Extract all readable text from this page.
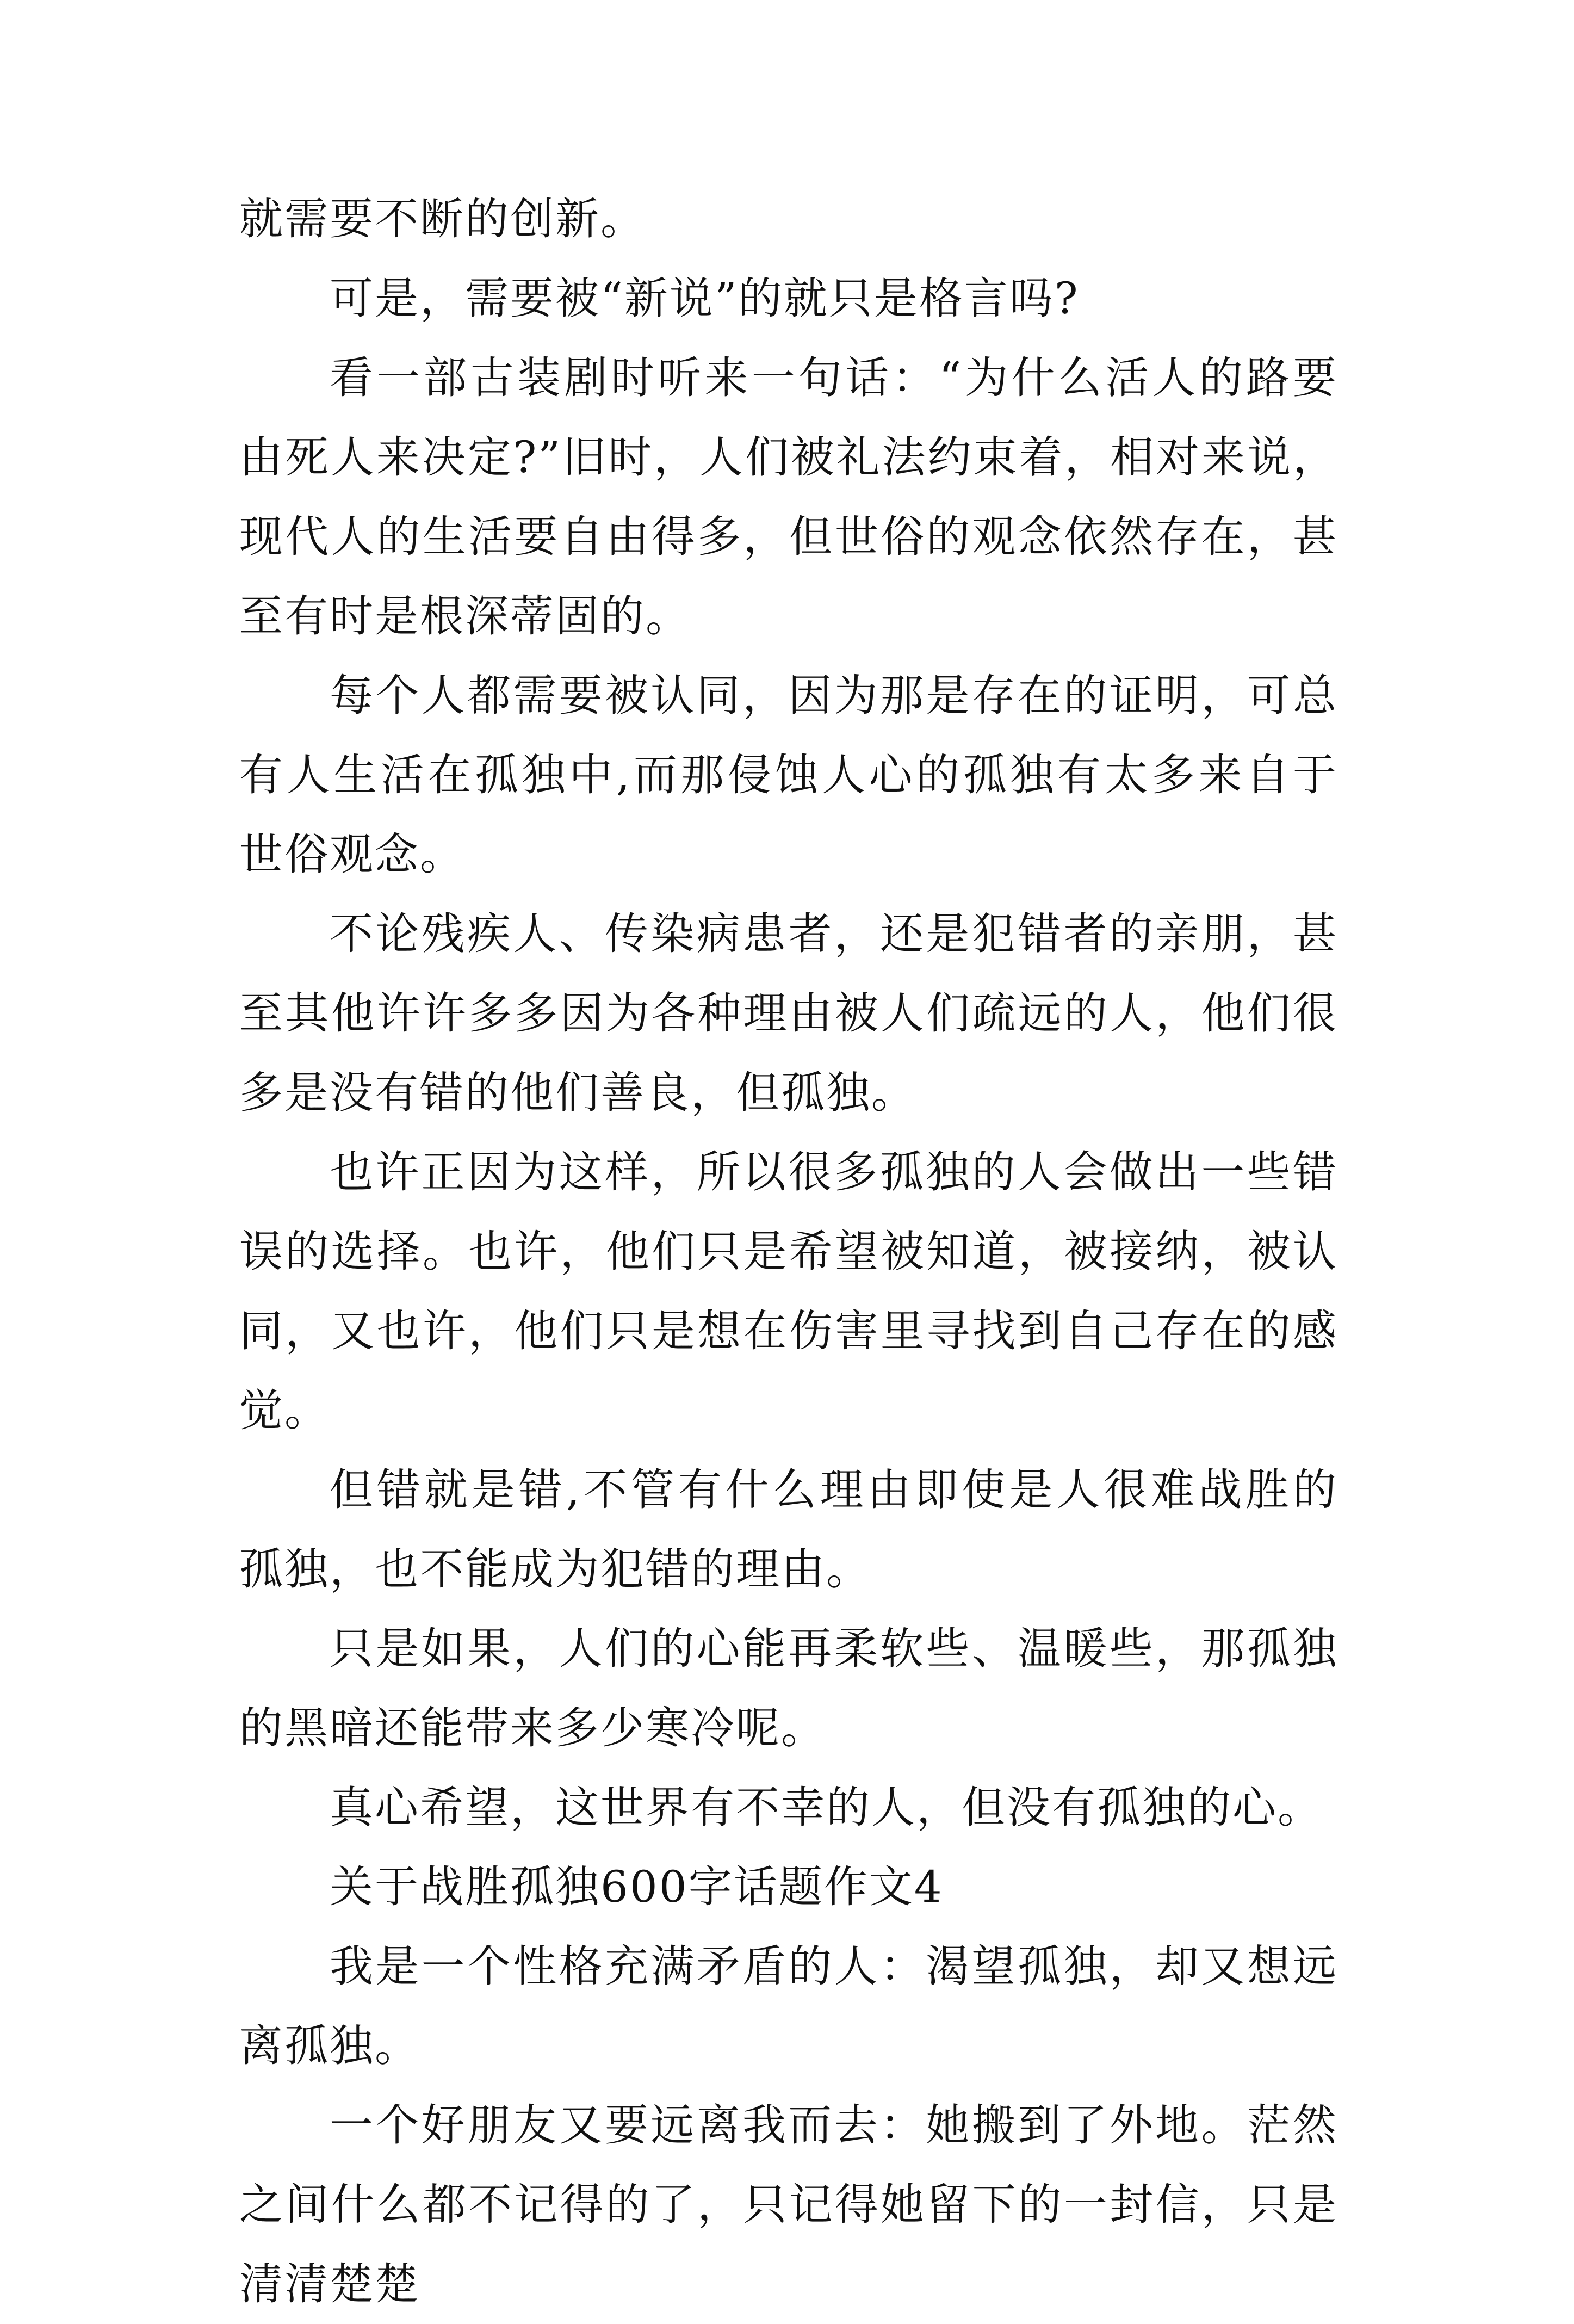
就需要不断的创新。

可是，需要被“新说”的就只是格言吗?

看一部古装剧时听来一句话：“为什么活人的路要由死人来决定?”旧时，人们被礼法约束着，相对来说，现代人的生活要自由得多，但世俗的观念依然存在，甚至有时是根深蒂固的。

每个人都需要被认同，因为那是存在的证明，可总有人生活在孤独中,而那侵蚀人心的孤独有太多来自于世俗观念。

不论残疾人、传染病患者，还是犯错者的亲朋，甚至其他许许多多因为各种理由被人们疏远的人，他们很多是没有错的他们善良，但孤独。

也许正因为这样，所以很多孤独的人会做出一些错误的选择。也许，他们只是希望被知道，被接纳，被认同，又也许，他们只是想在伤害里寻找到自己存在的感觉。

但错就是错,不管有什么理由即使是人很难战胜的孤独，也不能成为犯错的理由。

只是如果，人们的心能再柔软些、温暖些，那孤独的黑暗还能带来多少寒冷呢。

真心希望，这世界有不幸的人，但没有孤独的心。

关于战胜孤独600字话题作文4

我是一个性格充满矛盾的人：渴望孤独，却又想远离孤独。

一个好朋友又要远离我而去：她搬到了外地。茫然之间什么都不记得的了，只记得她留下的一封信，只是清清楚楚
